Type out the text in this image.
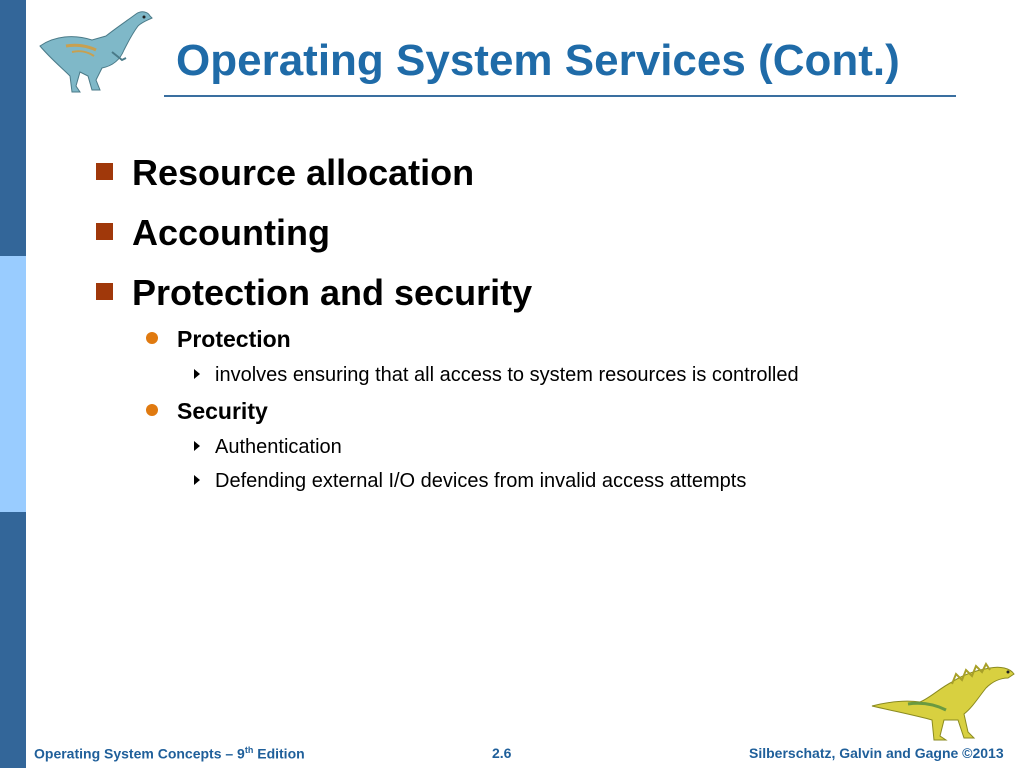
Operating System Services (Cont.)
Resource allocation
Accounting
Protection and security
Protection
involves ensuring that all access to system resources is controlled
Security
Authentication
Defending external I/O devices from invalid access attempts
Operating System Concepts – 9th Edition	2.6	Silberschatz, Galvin and Gagne ©2013
